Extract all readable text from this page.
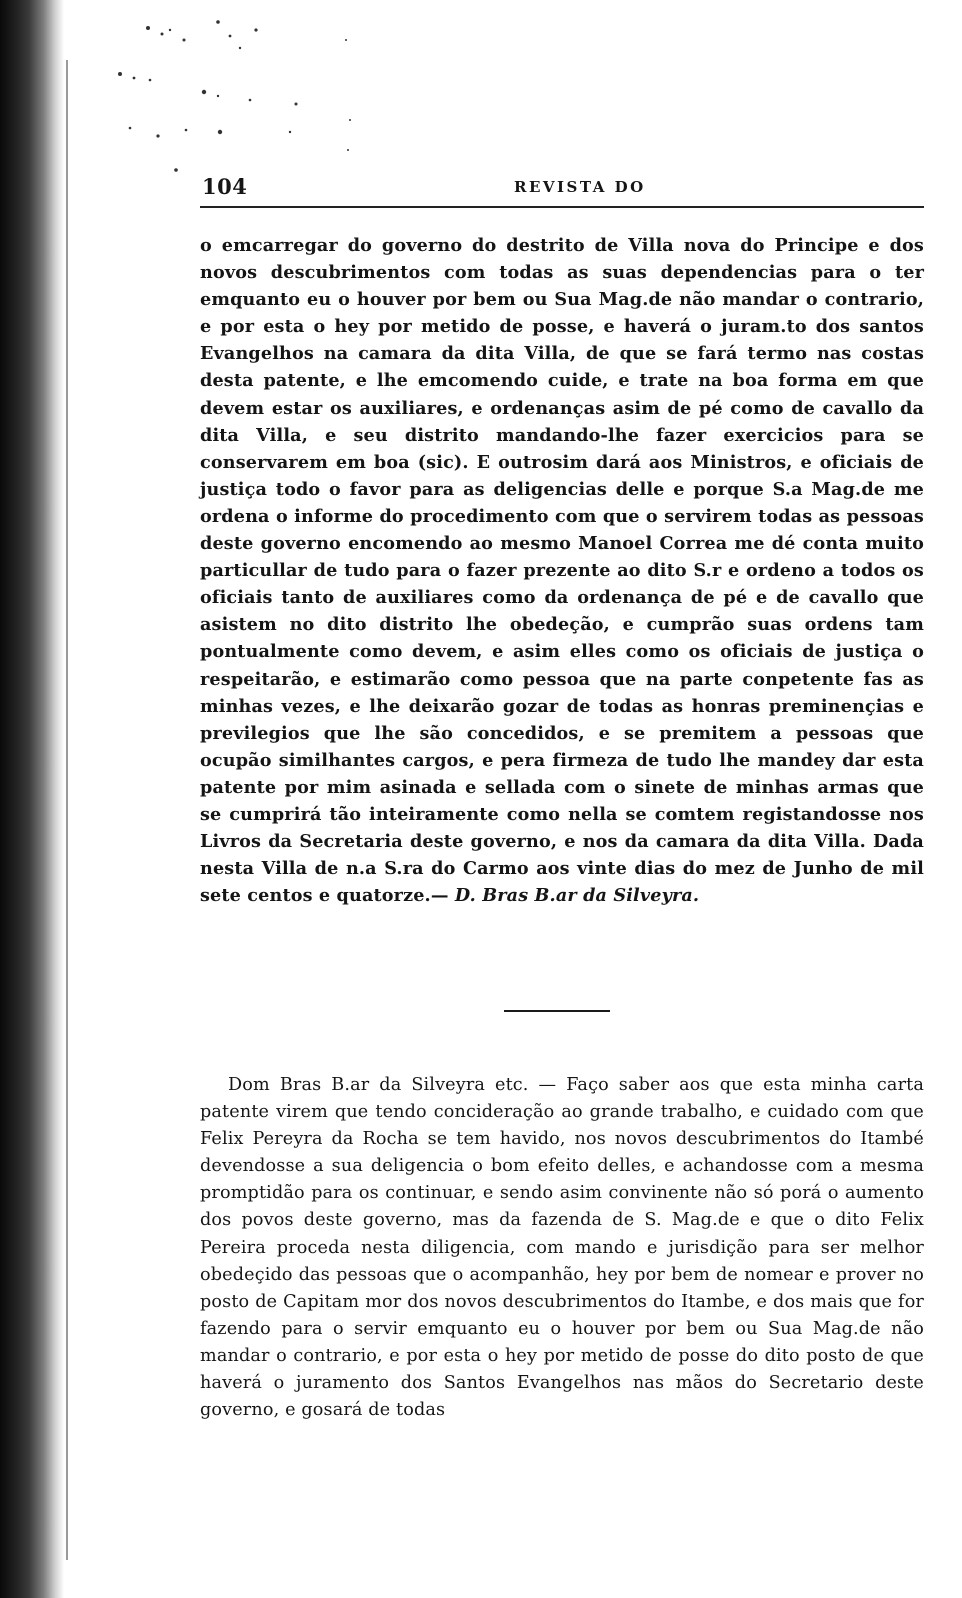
104	REVISTA DO
o emcarregar do governo do destrito de Villa nova do Principe e dos novos descubrimentos com todas as suas dependencias para o ter emquanto eu o houver por bem ou Sua Mag.de não mandar o contrario, e por esta o hey por metido de posse, e haverá o juram.to dos santos Evangelhos na camara da dita Villa, de que se fará termo nas costas desta patente, e lhe emcomendo cuide, e trate na boa forma em que devem estar os auxiliares, e ordenanças asim de pé como de cavallo da dita Villa, e seu distrito mandando-lhe fazer exercicios para se conservarem em boa (sic). E outrosim dará aos Ministros, e oficiais de justiça todo o favor para as deligencias delle e porque S.a Mag.de me ordena o informe do procedimento com que o servirem todas as pessoas deste governo encomendo ao mesmo Manoel Correa me dé conta muito particullar de tudo para o fazer prezente ao dito S.r e ordeno a todos os oficiais tanto de auxiliares como da ordenança de pé e de cavallo que asistem no dito distrito lhe obedeção, e cumprão suas ordens tam pontualmente como devem, e asim elles como os oficiais de justiça o respeitarão, e estimarão como pessoa que na parte conpetente fas as minhas vezes, e lhe deixarão gozar de todas as honras preminençias e previlegios que lhe são concedidos, e se premitem a pessoas que ocupão similhantes cargos, e pera firmeza de tudo lhe mandey dar esta patente por mim asinada e sellada com o sinete de minhas armas que se cumprirá tão inteiramente como nella se comtem registandosse nos Livros da Secretaria deste governo, e nos da camara da dita Villa. Dada nesta Villa de n.a S.ra do Carmo aos vinte dias do mez de Junho de mil sete centos e quatorze.— D. Bras B.ar da Silveyra.
Dom Bras B.ar da Silveyra etc. — Faço saber aos que esta minha carta patente virem que tendo concideração ao grande trabalho, e cuidado com que Felix Pereyra da Rocha se tem havido, nos novos descubrimentos do Itambé devendosse a sua deligencia o bom efeito delles, e achandosse com a mesma promptidão para os continuar, e sendo asim convinente não só porá o aumento dos povos deste governo, mas da fazenda de S. Mag.de e que o dito Felix Pereira proceda nesta diligencia, com mando e jurisdição para ser melhor obedeçido das pessoas que o acompanhão, hey por bem de nomear e prover no posto de Capitam mor dos novos descubrimentos do Itambe, e dos mais que for fazendo para o servir emquanto eu o houver por bem ou Sua Mag.de não mandar o contrario, e por esta o hey por metido de posse do dito posto de que haverá o juramento dos Santos Evangelhos nas mãos do Secretario deste governo, e gosará de todas
